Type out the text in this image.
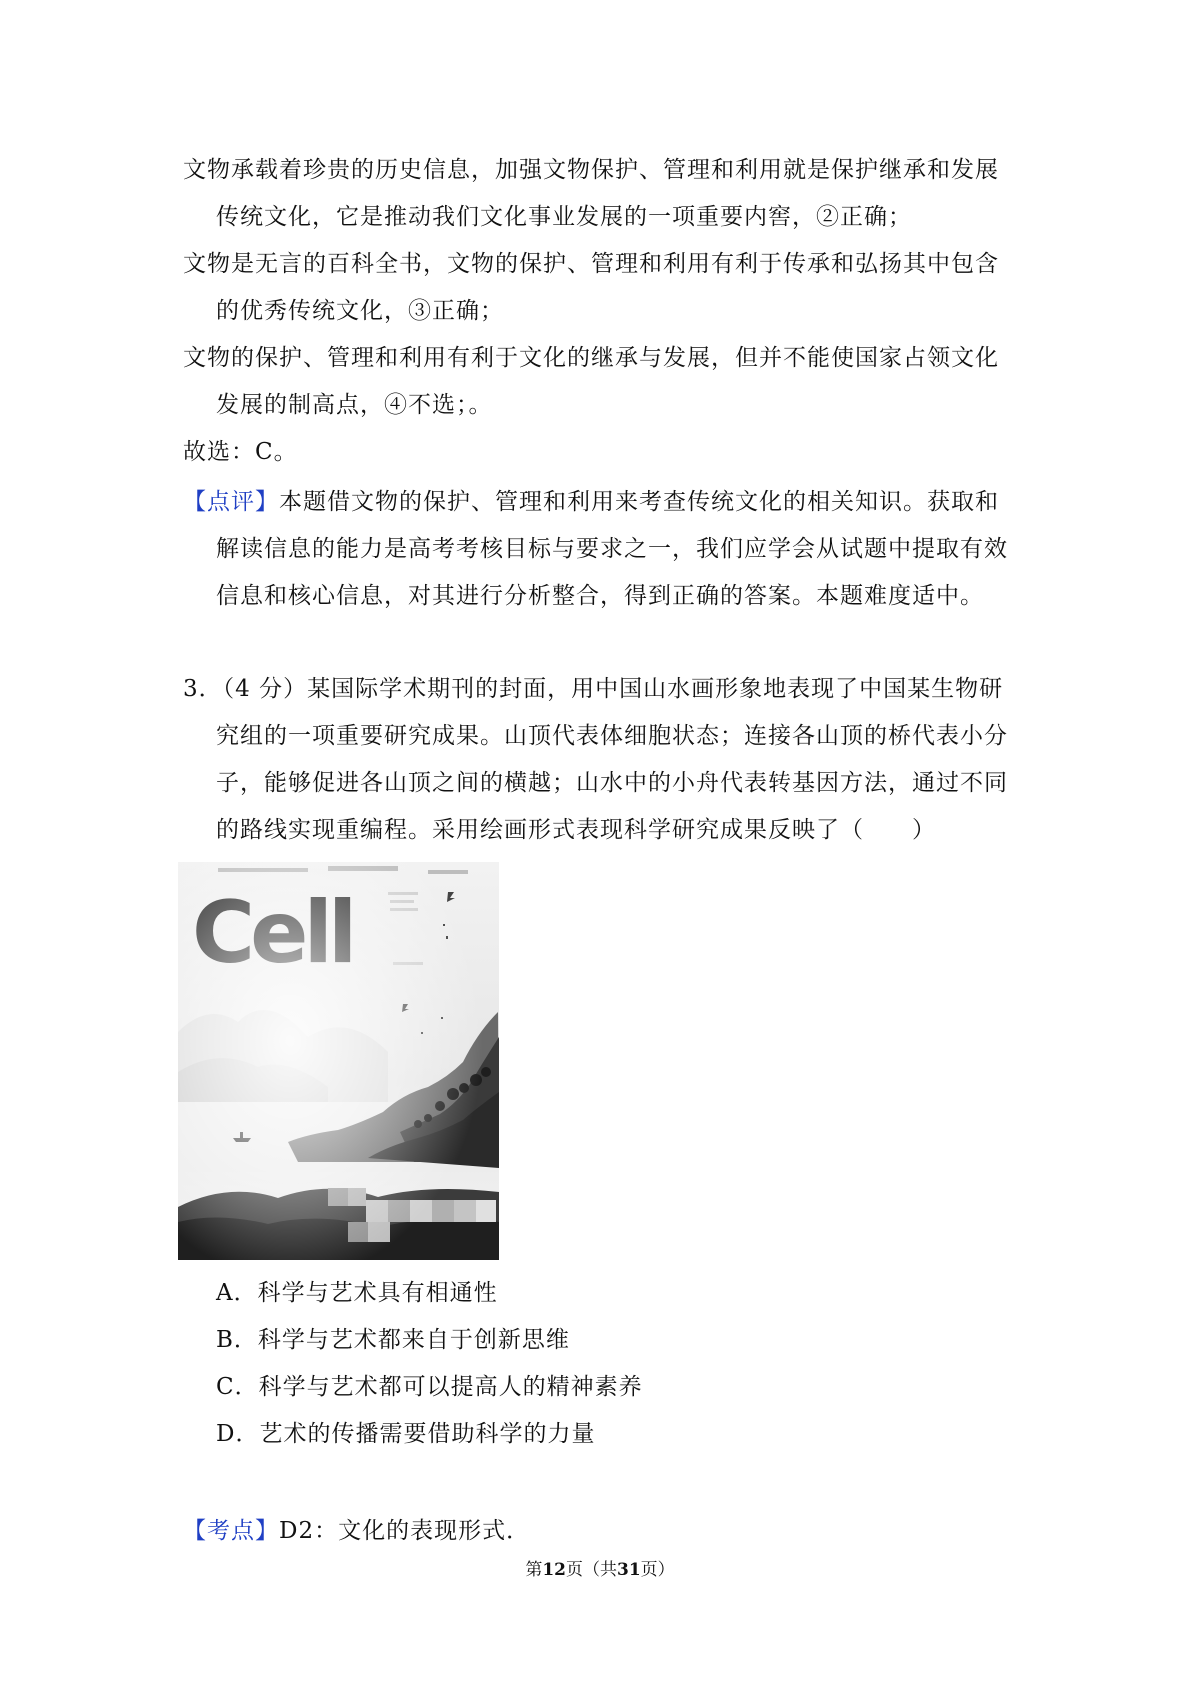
文物承载着珍贵的历史信息，加强文物保护、管理和利用就是保护继承和发展
传统文化，它是推动我们文化事业发展的一项重要内窖，②正确；
文物是无言的百科全书，文物的保护、管理和利用有利于传承和弘扬其中包含
的优秀传统文化，③正确；
文物的保护、管理和利用有利于文化的继承与发展，但并不能使国家占领文化
发展的制高点，④不选；。
故选：C。
【点评】本题借文物的保护、管理和利用来考查传统文化的相关知识。获取和
解读信息的能力是高考考核目标与要求之一，我们应学会从试题中提取有效
信息和核心信息，对其进行分析整合，得到正确的答案。本题难度适中。
3．（4 分）某国际学术期刊的封面，用中国山水画形象地表现了中国某生物研
究组的一项重要研究成果。山顶代表体细胞状态；连接各山顶的桥代表小分
子，能够促进各山顶之间的横越；山水中的小舟代表转基因方法，通过不同
的路线实现重编程。采用绘画形式表现科学研究成果反映了（　　）
A．科学与艺术具有相通性
B．科学与艺术都来自于创新思维
C．科学与艺术都可以提高人的精神素养
D．艺术的传播需要借助科学的力量
【考点】D2：文化的表现形式．
第12页（共31页）
